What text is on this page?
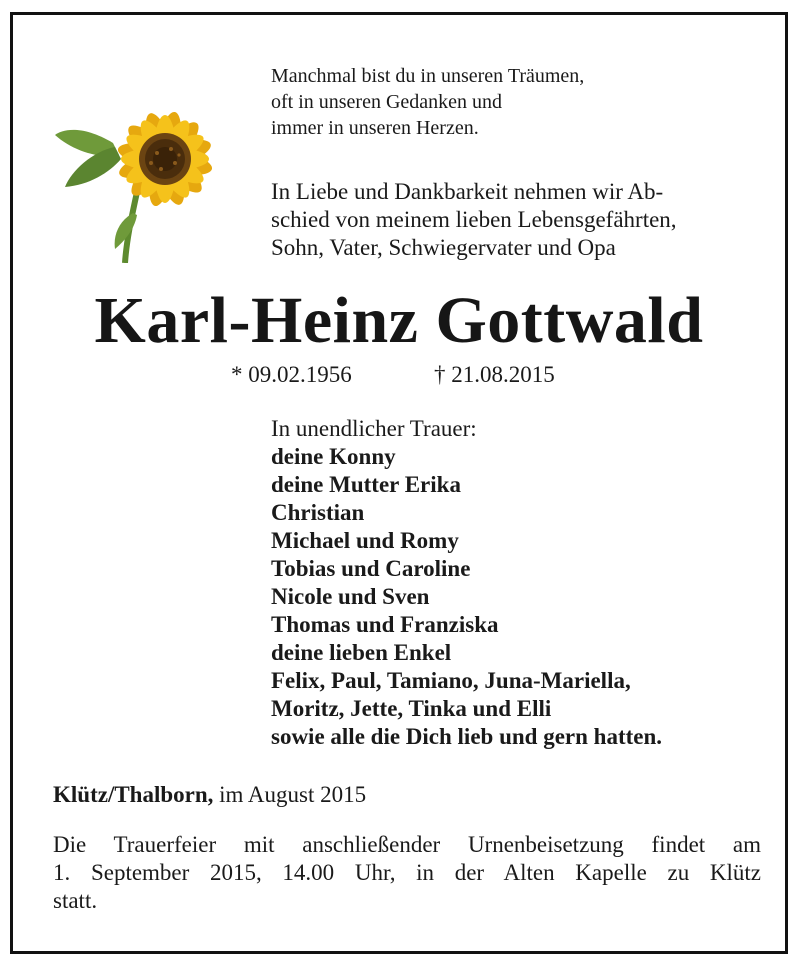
Manchmal bist du in unseren Träumen,
oft in unseren Gedanken und
immer in unseren Herzen.
In Liebe und Dankbarkeit nehmen wir Ab-
schied von meinem lieben Lebensgefährten,
Sohn, Vater, Schwiegervater und Opa
Karl-Heinz Gottwald
* 09.02.1956	† 21.08.2015
In unendlicher Trauer:
deine Konny
deine Mutter Erika
Christian
Michael und Romy
Tobias und Caroline
Nicole und Sven
Thomas und Franziska
deine lieben Enkel
Felix, Paul, Tamiano, Juna-Mariella,
Moritz, Jette, Tinka und Elli
sowie alle die Dich lieb und gern hatten.
Klütz/Thalborn, im August 2015
Die Trauerfeier mit anschließender Urnenbeisetzung findet am
1. September 2015, 14.00 Uhr, in der Alten Kapelle zu Klütz
statt.
